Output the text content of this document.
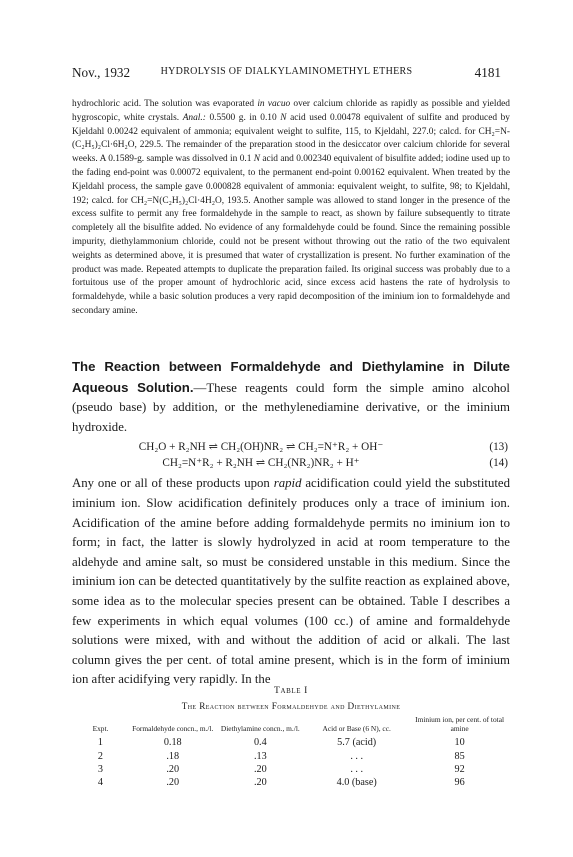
Nov., 1932	HYDROLYSIS OF DIALKYLAMINOMETHYL ETHERS	4181

hydrochloric acid. The solution was evaporated in vacuo over calcium chloride as rapidly as possible and yielded hygroscopic, white crystals. Anal.: 0.5500 g. in 0.10 N acid used 0.00478 equivalent of sulfite and produced by Kjeldahl 0.00242 equivalent of ammonia; equivalent weight to sulfite, 115, to Kjeldahl, 227.0; calcd. for CH₂=N-(C₂H₅)₂Cl·6H₂O, 229.5. The remainder of the preparation stood in the desiccator over calcium chloride for several weeks. A 0.1589-g. sample was dissolved in 0.1 N acid and 0.002340 equivalent of bisulfite added; iodine used up to the fading end-point was 0.00072 equivalent, to the permanent end-point 0.00162 equivalent. When treated by the Kjeldahl process, the sample gave 0.000828 equivalent of ammonia: equivalent weight, to sulfite, 98; to Kjeldahl, 192; calcd. for CH₂=N(C₂H₅)₂Cl·4H₂O, 193.5. Another sample was allowed to stand longer in the presence of the excess sulfite to permit any free formaldehyde in the sample to react, as shown by failure subsequently to titrate completely all the bisulfite added. No evidence of any formaldehyde could be found. Since the remaining possible impurity, diethylammonium chloride, could not be present without throwing out the ratio of the two equivalent weights as determined above, it is presumed that water of crystallization is present. No further examination of the product was made. Repeated attempts to duplicate the preparation failed. Its original success was probably due to a fortuitous use of the proper amount of hydrochloric acid, since excess acid hastens the rate of hydrolysis to formaldehyde, while a basic solution produces a very rapid decomposition of the iminium ion to formaldehyde and secondary amine.

The Reaction between Formaldehyde and Diethylamine in Dilute Aqueous Solution.—These reagents could form the simple amino alcohol (pseudo base) by addition, or the methylenediamine derivative, or the iminium hydroxide.

CH₂O + R₂NH ⇌ CH₂(OH)NR₂ ⇌ CH₂=N⁺R₂ + OH⁻	(13)
CH₂=N⁺R₂ + R₂NH ⇌ CH₂(NR₂)NR₂ + H⁺	(14)

Any one or all of these products upon rapid acidification could yield the substituted iminium ion. Slow acidification definitely produces only a trace of iminium ion. Acidification of the amine before adding formaldehyde permits no iminium ion to form; in fact, the latter is slowly hydrolyzed in acid at room temperature to the aldehyde and amine salt, so must be considered unstable in this medium. Since the iminium ion can be detected quantitatively by the sulfite reaction as explained above, some idea as to the molecular species present can be obtained. Table I describes a few experiments in which equal volumes (100 cc.) of amine and formaldehyde solutions were mixed, with and without the addition of acid or alkali. The last column gives the per cent. of total amine present, which is in the form of iminium ion after acidifying very rapidly. In the

Table I
The Reaction between Formaldehyde and Diethylamine
Expt.	Formaldehyde concn., m./l.	Diethylamine concn., m./l.	Acid or Base (6 N), cc.	Iminium ion, per cent. of total amine
1	0.18	0.4	5.7 (acid)	10
2	.18	.13	. . .	85
3	.20	.20	. . .	92
4	.20	.20	4.0 (base)	96
